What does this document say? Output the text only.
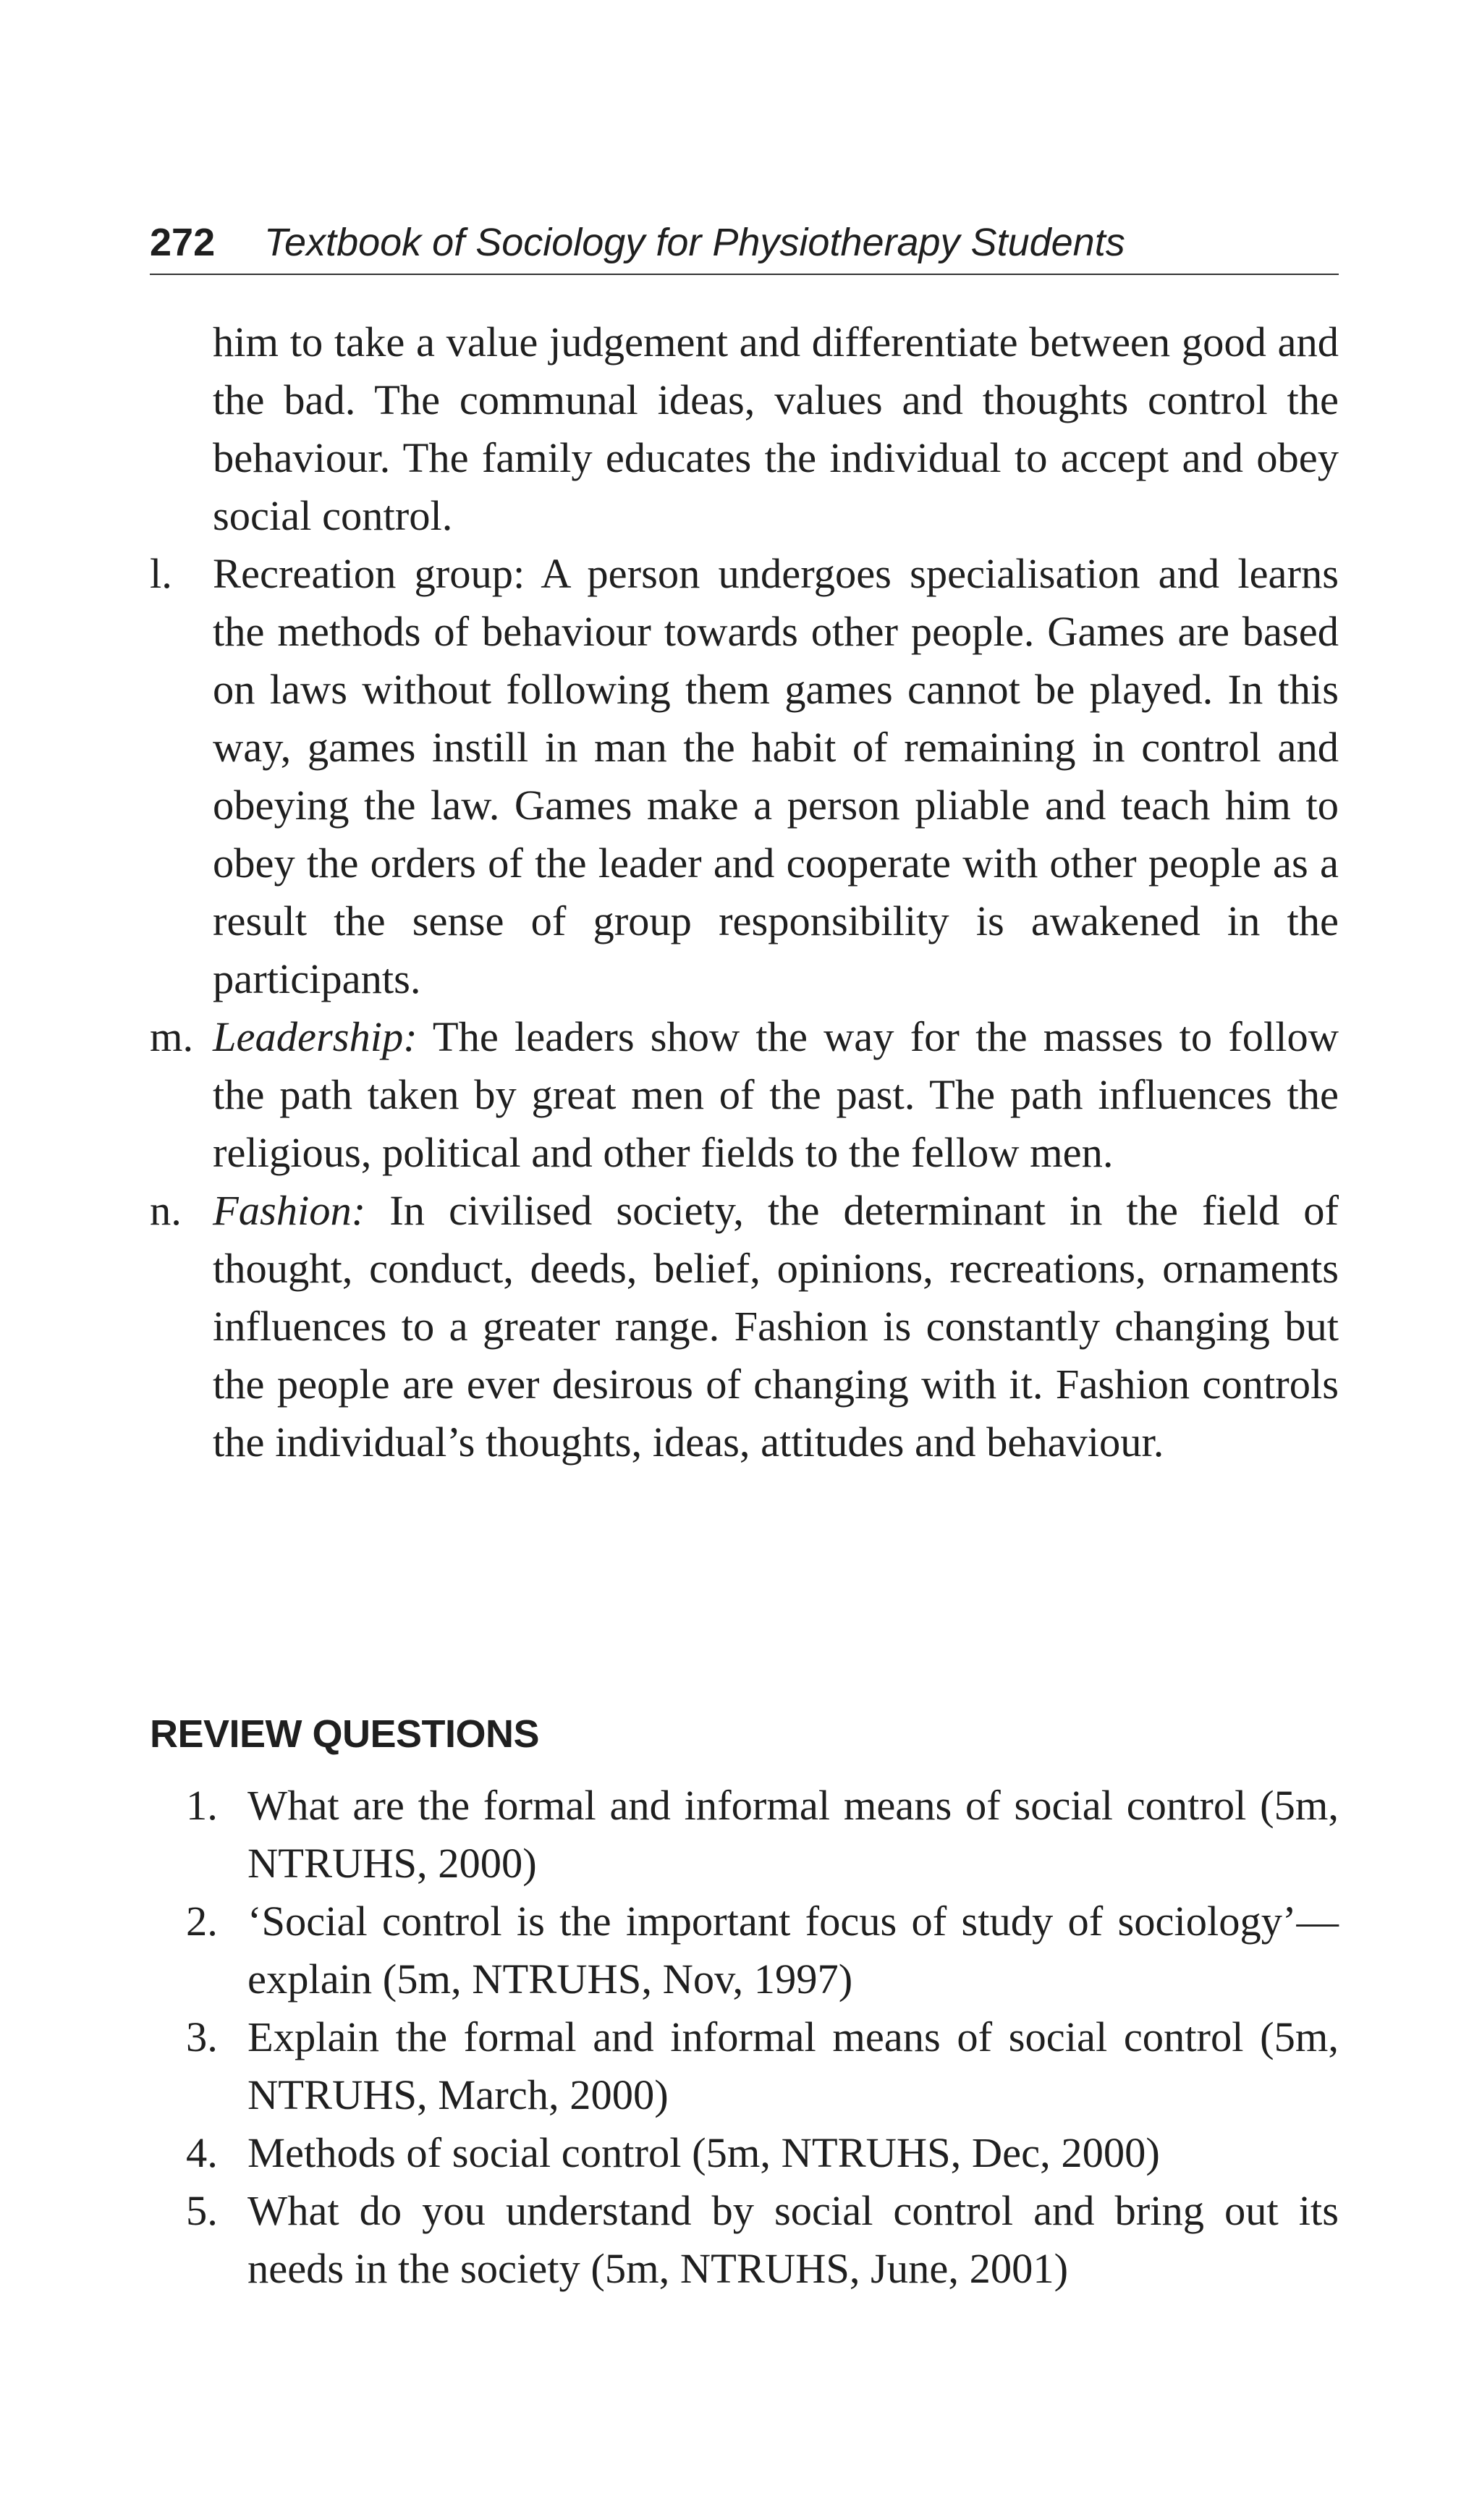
272 Textbook of Sociology for Physiotherapy Students
him to take a value judgement and differentiate between good and the bad. The communal ideas, values and thoughts control the behaviour. The family educates the individual to accept and obey social control.
l. Recreation group: A person undergoes specialisation and learns the methods of behaviour towards other people. Games are based on laws without following them games cannot be played. In this way, games instill in man the habit of remaining in control and obeying the law. Games make a person pliable and teach him to obey the orders of the leader and cooperate with other people as a result the sense of group responsibility is awakened in the participants.
m. Leadership: The leaders show the way for the masses to follow the path taken by great men of the past. The path influences the religious, political and other fields to the fellow men.
n. Fashion: In civilised society, the determinant in the field of thought, conduct, deeds, belief, opinions, recreations, ornaments influences to a greater range. Fashion is constantly changing but the people are ever desirous of changing with it. Fashion controls the individual’s thoughts, ideas, attitudes and behaviour.
REVIEW QUESTIONS
1. What are the formal and informal means of social control (5m, NTRUHS, 2000)
2. ‘Social control is the important focus of study of sociology’—explain (5m, NTRUHS, Nov, 1997)
3. Explain the formal and informal means of social control (5m, NTRUHS, March, 2000)
4. Methods of social control (5m, NTRUHS, Dec, 2000)
5. What do you understand by social control and bring out its needs in the society (5m, NTRUHS, June, 2001)
